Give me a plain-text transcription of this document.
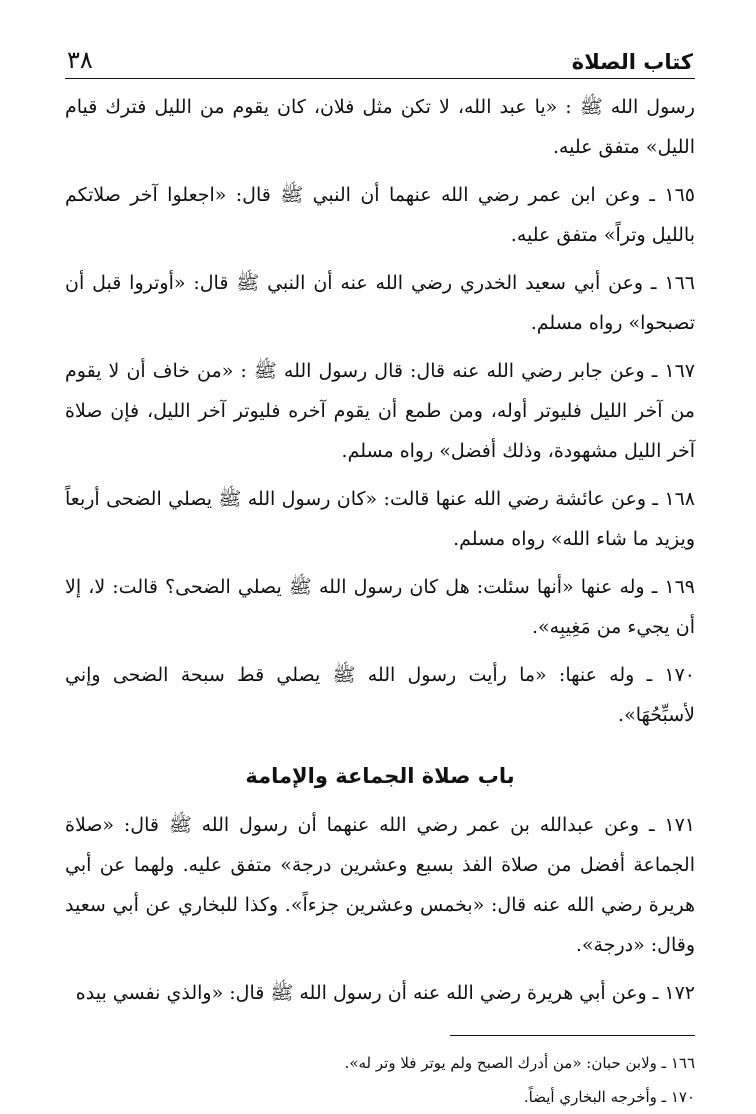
كتاب الصلاة
٣٨

رسول الله ﷺ : «يا عبد الله، لا تكن مثل فلان، كان يقوم من الليل فترك قيام الليل» متفق عليه.

١٦٥ ـ وعن ابن عمر رضي الله عنهما أن النبي ﷺ قال: «اجعلوا آخر صلاتكم بالليل وتراً» متفق عليه.

١٦٦ ـ وعن أبي سعيد الخدري رضي الله عنه أن النبي ﷺ قال: «أوتروا قبل أن تصبحوا» رواه مسلم.

١٦٧ ـ وعن جابر رضي الله عنه قال: قال رسول الله ﷺ : «من خاف أن لا يقوم من آخر الليل فليوتر أوله، ومن طمع أن يقوم آخره فليوتر آخر الليل، فإن صلاة آخر الليل مشهودة، وذلك أفضل» رواه مسلم.

١٦٨ ـ وعن عائشة رضي الله عنها قالت: «كان رسول الله ﷺ يصلي الضحى أربعاً ويزيد ما شاء الله» رواه مسلم.

١٦٩ ـ وله عنها «أنها سئلت: هل كان رسول الله ﷺ يصلي الضحى؟ قالت: لا، إلا أن يجيء من مَغِيبِه».

١٧٠ ـ وله عنها: «ما رأيت رسول الله ﷺ يصلي قط سبحة الضحى وإني لأسبِّحُهَا».

باب صلاة الجماعة والإمامة

١٧١ ـ وعن عبدالله بن عمر رضي الله عنهما أن رسول الله ﷺ قال: «صلاة الجماعة أفضل من صلاة الفذ بسبع وعشرين درجة» متفق عليه. ولهما عن أبي هريرة رضي الله عنه قال: «بخمس وعشرين جزءاً». وكذا للبخاري عن أبي سعيد وقال: «درجة».

١٧٢ ـ وعن أبي هريرة رضي الله عنه أن رسول الله ﷺ قال: «والذي نفسي بيده

١٦٦ ـ ولابن حبان: «من أدرك الصبح ولم يوتر فلا وتر له».

١٧٠ ـ وأخرجه البخاري أيضاً.
